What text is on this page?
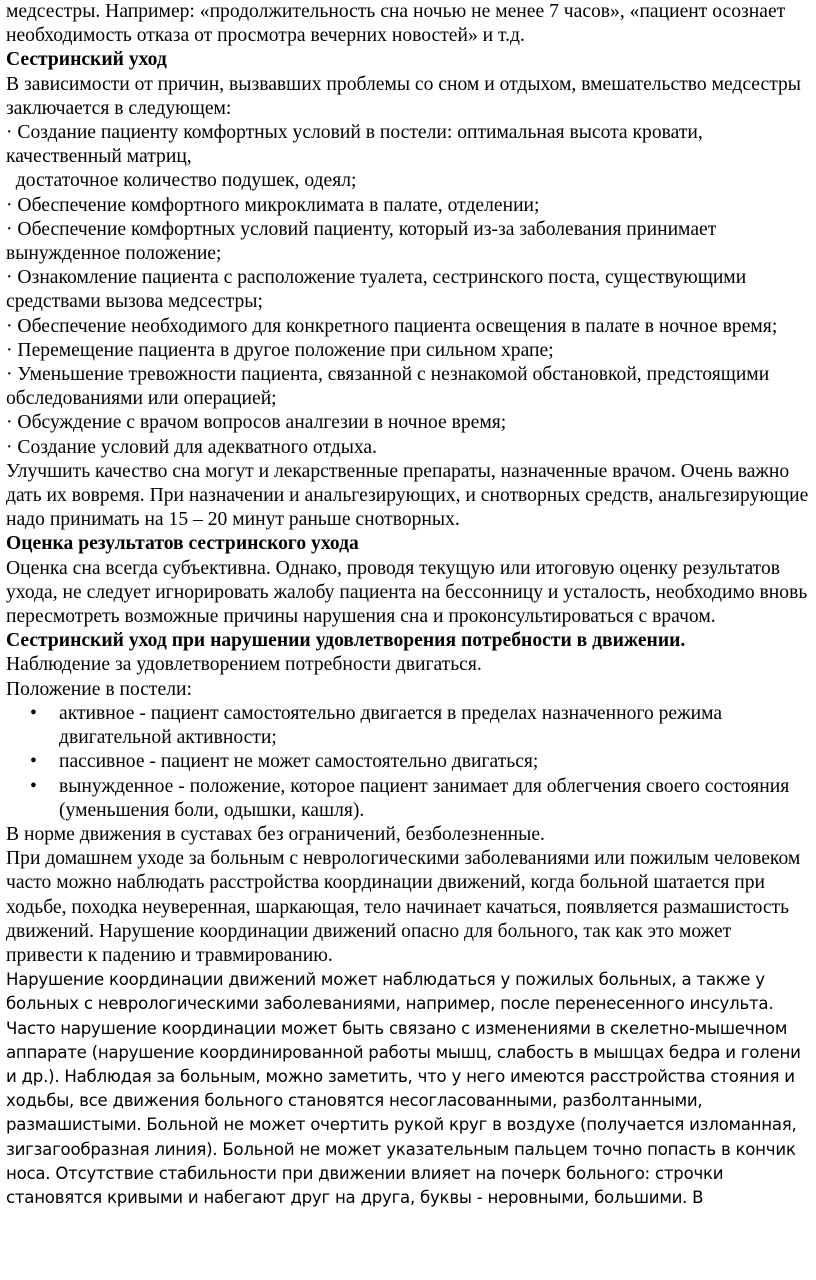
медсестры. Например: «продолжительность сна ночью не менее 7 часов», «пациент осознает необходимость отказа от просмотра вечерних новостей» и т.д.

Сестринский уход

В зависимости от причин, вызвавших проблемы со сном и отдыхом, вмешательство медсестры заключается в следующем:

· Создание пациенту комфортных условий в постели: оптимальная высота кровати, качественный матриц,

достаточное количество подушек, одеял;

· Обеспечение комфортного микроклимата в палате, отделении;

· Обеспечение комфортных условий пациенту, который из-за заболевания принимает вынужденное положение;

· Ознакомление пациента с расположение туалета, сестринского поста, существующими средствами вызова медсестры;

· Обеспечение необходимого для конкретного пациента освещения в палате в ночное время;

· Перемещение пациента в другое положение при сильном храпе;

· Уменьшение тревожности пациента, связанной с незнакомой обстановкой, предстоящими обследованиями или операцией;

· Обсуждение с врачом вопросов аналгезии в ночное время;

· Создание условий для адекватного отдыха.

Улучшить качество сна могут и лекарственные препараты, назначенные врачом. Очень важно дать их вовремя. При назначении и анальгезирующих, и снотворных средств, анальгезирующие надо принимать на 15 – 20 минут раньше снотворных.

Оценка результатов сестринского ухода

Оценка сна всегда субъективна. Однако, проводя текущую или итоговую оценку результатов ухода, не следует игнорировать жалобу пациента на бессонницу и усталость, необходимо вновь пересмотреть возможные причины нарушения сна и проконсультироваться с врачом.

Сестринский уход при нарушении удовлетворения потребности в движении.

Наблюдение за удовлетворением потребности двигаться.

Положение в постели:

• активное - пациент самостоятельно двигается в пределах назначенного режима двигательной активности;
• пассивное - пациент не может самостоятельно двигаться;
• вынужденное - положение, которое пациент занимает для облегчения своего состояния (уменьшения боли, одышки, кашля).

В норме движения в суставах без ограничений, безболезненные.

При домашнем уходе за больным с неврологическими заболеваниями или пожилым человеком часто можно наблюдать расстройства координации движений, когда больной шатается при ходьбе, походка неуверенная, шаркающая, тело начинает качаться, появляется размашистость движений. Нарушение координации движений опасно для больного, так как это может привести к падению и травмированию.

Нарушение координации движений может наблюдаться у пожилых больных, а также у больных с неврологическими заболеваниями, например, после перенесенного инсульта. Часто нарушение координации может быть связано с изменениями в скелетно-мышечном аппарате (нарушение координированной работы мышц, слабость в мышцах бедра и голени и др.). Наблюдая за больным, можно заметить, что у него имеются расстройства стояния и ходьбы, все движения больного становятся несогласованными, разболтанными, размашистыми. Больной не может очертить рукой круг в воздухе (получается изломанная, зигзагообразная линия). Больной не может указательным пальцем точно попасть в кончик носа. Отсутствие стабильности при движении влияет на почерк больного: строчки становятся кривыми и набегают друг на друга, буквы - неровными, большими. В
